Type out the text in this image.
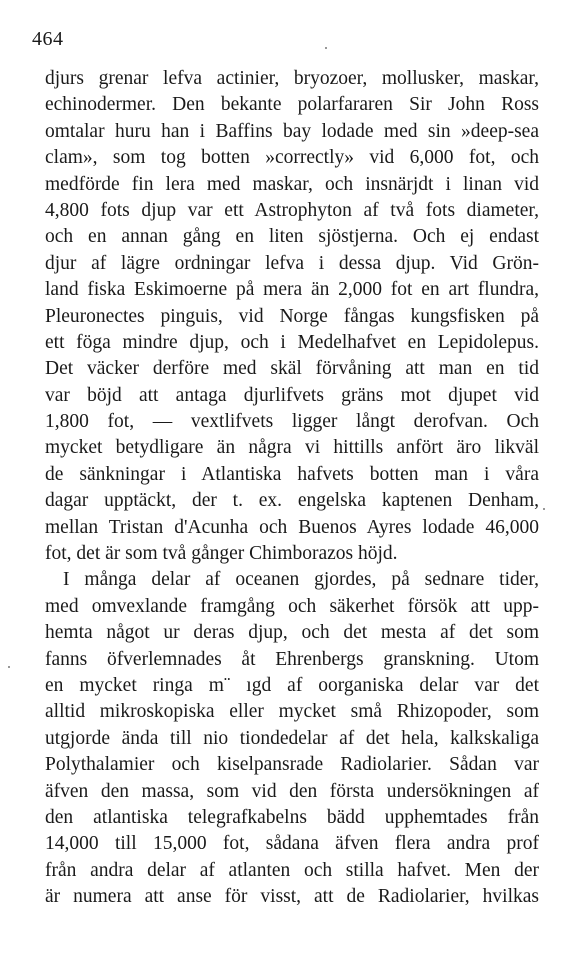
464
djurs grenar lefva actinier, bryozoer, mollusker, maskar,
echinodermer. Den bekante polarfararen Sir John Ross
omtalar huru han i Baffins bay lodade med sin »deep-sea
clam», som tog botten »correctly» vid 6,000 fot, och
medförde fin lera med maskar, och insnärjdt i linan vid
4,800 fots djup var ett Astrophyton af två fots diameter,
och en annan gång en liten sjöstjerna. Och ej endast
djur af lägre ordningar lefva i dessa djup. Vid Grön-
land fiska Eskimoerne på mera än 2,000 fot en art flundra,
Pleuronectes pinguis, vid Norge fångas kungsfisken på
ett föga mindre djup, och i Medelhafvet en Lepidolepus.
Det väcker derföre med skäl förvåning att man en tid
var böjd att antaga djurlifvets gräns mot djupet vid
1,800 fot, — vextlifvets ligger långt derofvan. Och
mycket betydligare än några vi hittills anfört äro likväl
de sänkningar i Atlantiska hafvets botten man i våra
dagar upptäckt, der t. ex. engelska kaptenen Denham,
mellan Tristan d'Acunha och Buenos Ayres lodade 46,000
fot, det är som två gånger Chimborazos höjd.
I många delar af oceanen gjordes, på sednare tider,
med omvexlande framgång och säkerhet försök att upp-
hemta något ur deras djup, och det mesta af det som
fanns öfverlemnades åt Ehrenbergs granskning. Utom
en mycket ringa m¨ ıgd af oorganiska delar var det
alltid mikroskopiska eller mycket små Rhizopoder, som
utgjorde ända till nio tiondedelar af det hela, kalkskaliga
Polythalamier och kiselpansrade Radiolarier. Sådan var
äfven den massa, som vid den första undersökningen af
den atlantiska telegrafkabelns bädd upphemtades från
14,000 till 15,000 fot, sådana äfven flera andra prof
från andra delar af atlanten och stilla hafvet. Men der
är numera att anse för visst, att de Radiolarier, hvilkas
